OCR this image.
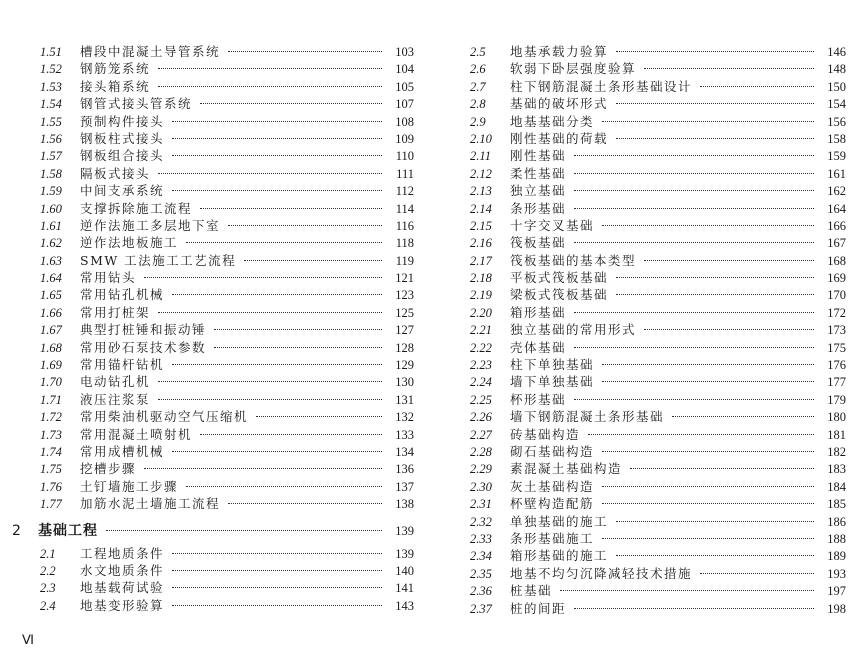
1.51	槽段中混凝土导管系统	103
1.52	钢筋笼系统	104
1.53	接头箱系统	105
1.54	钢管式接头管系统	107
1.55	预制构件接头	108
1.56	钢板柱式接头	109
1.57	钢板组合接头	110
1.58	隔板式接头	111
1.59	中间支承系统	112
1.60	支撑拆除施工流程	114
1.61	逆作法施工多层地下室	116
1.62	逆作法地板施工	118
1.63	SMW 工法施工工艺流程	119
1.64	常用钻头	121
1.65	常用钻孔机械	123
1.66	常用打桩架	125
1.67	典型打桩锤和振动锤	127
1.68	常用砂石泵技术参数	128
1.69	常用锚杆钻机	129
1.70	电动钻孔机	130
1.71	液压注浆泵	131
1.72	常用柴油机驱动空气压缩机	132
1.73	常用混凝土喷射机	133
1.74	常用成槽机械	134
1.75	挖槽步骤	136
1.76	土钉墙施工步骤	137
1.77	加筋水泥土墙施工流程	138
2	基础工程	139
2.1	工程地质条件	139
2.2	水文地质条件	140
2.3	地基载荷试验	141
2.4	地基变形验算	143
2.5	地基承载力验算	146
2.6	软弱下卧层强度验算	148
2.7	柱下钢筋混凝土条形基础设计	150
2.8	基础的破坏形式	154
2.9	地基基础分类	156
2.10	刚性基础的荷载	158
2.11	刚性基础	159
2.12	柔性基础	161
2.13	独立基础	162
2.14	条形基础	164
2.15	十字交叉基础	166
2.16	筏板基础	167
2.17	筏板基础的基本类型	168
2.18	平板式筏板基础	169
2.19	梁板式筏板基础	170
2.20	箱形基础	172
2.21	独立基础的常用形式	173
2.22	壳体基础	175
2.23	柱下单独基础	176
2.24	墙下单独基础	177
2.25	杯形基础	179
2.26	墙下钢筋混凝土条形基础	180
2.27	砖基础构造	181
2.28	砌石基础构造	182
2.29	素混凝土基础构造	183
2.30	灰土基础构造	184
2.31	杯壁构造配筋	185
2.32	单独基础的施工	186
2.33	条形基础施工	188
2.34	箱形基础的施工	189
2.35	地基不均匀沉降减轻技术措施	193
2.36	桩基础	197
2.37	桩的间距	198
Ⅵ
